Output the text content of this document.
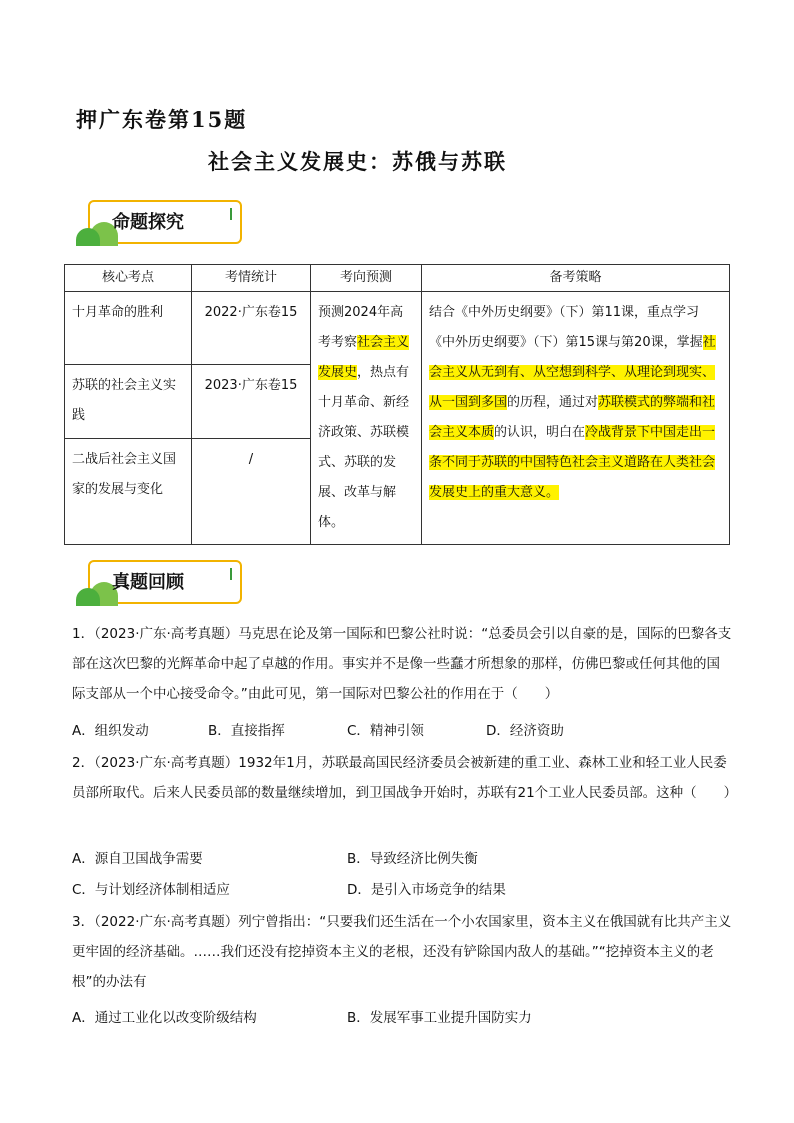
押广东卷第15题
社会主义发展史：苏俄与苏联
命题探究
核心考点	考情统计	考向预测	备考策略
十月革命的胜利	2022·广东卷15	预测2024年高考考察社会主义发展史，热点有十月革命、新经济政策、苏联模式、苏联的发展、改革与解体。	结合《中外历史纲要》（下）第11课，重点学习《中外历史纲要》（下）第15课与第20课，掌握社会主义从无到有、从空想到科学、从理论到现实、从一国到多国的历程，通过对苏联模式的弊端和社会主义本质的认识，明白在冷战背景下中国走出一条不同于苏联的中国特色社会主义道路在人类社会发展史上的重大意义。
苏联的社会主义实践	2023·广东卷15		
二战后社会主义国家的发展与变化	/		
真题回顾
1．（2023·广东·高考真题）马克思在论及第一国际和巴黎公社时说：“总委员会引以自豪的是，国际的巴黎各支部在这次巴黎的光辉革命中起了卓越的作用。事实并不是像一些蠢才所想象的那样，仿佛巴黎或任何其他的国际支部从一个中心接受命令。”由此可见，第一国际对巴黎公社的作用在于（　　）
A．组织发动	B．直接指挥	C．精神引领	D．经济资助
2．（2023·广东·高考真题）1932年1月，苏联最高国民经济委员会被新建的重工业、森林工业和轻工业人民委员部所取代。后来人民委员部的数量继续增加，到卫国战争开始时，苏联有21个工业人民委员部。这种（　　）
A．源自卫国战争需要	B．导致经济比例失衡
C．与计划经济体制相适应	D．是引入市场竞争的结果
3．（2022·广东·高考真题）列宁曾指出：“只要我们还生活在一个小农国家里，资本主义在俄国就有比共产主义更牢固的经济基础。……我们还没有挖掉资本主义的老根，还没有铲除国内敌人的基础。”“挖掉资本主义的老根”的办法有
A．通过工业化以改变阶级结构	B．发展军事工业提升国防实力
